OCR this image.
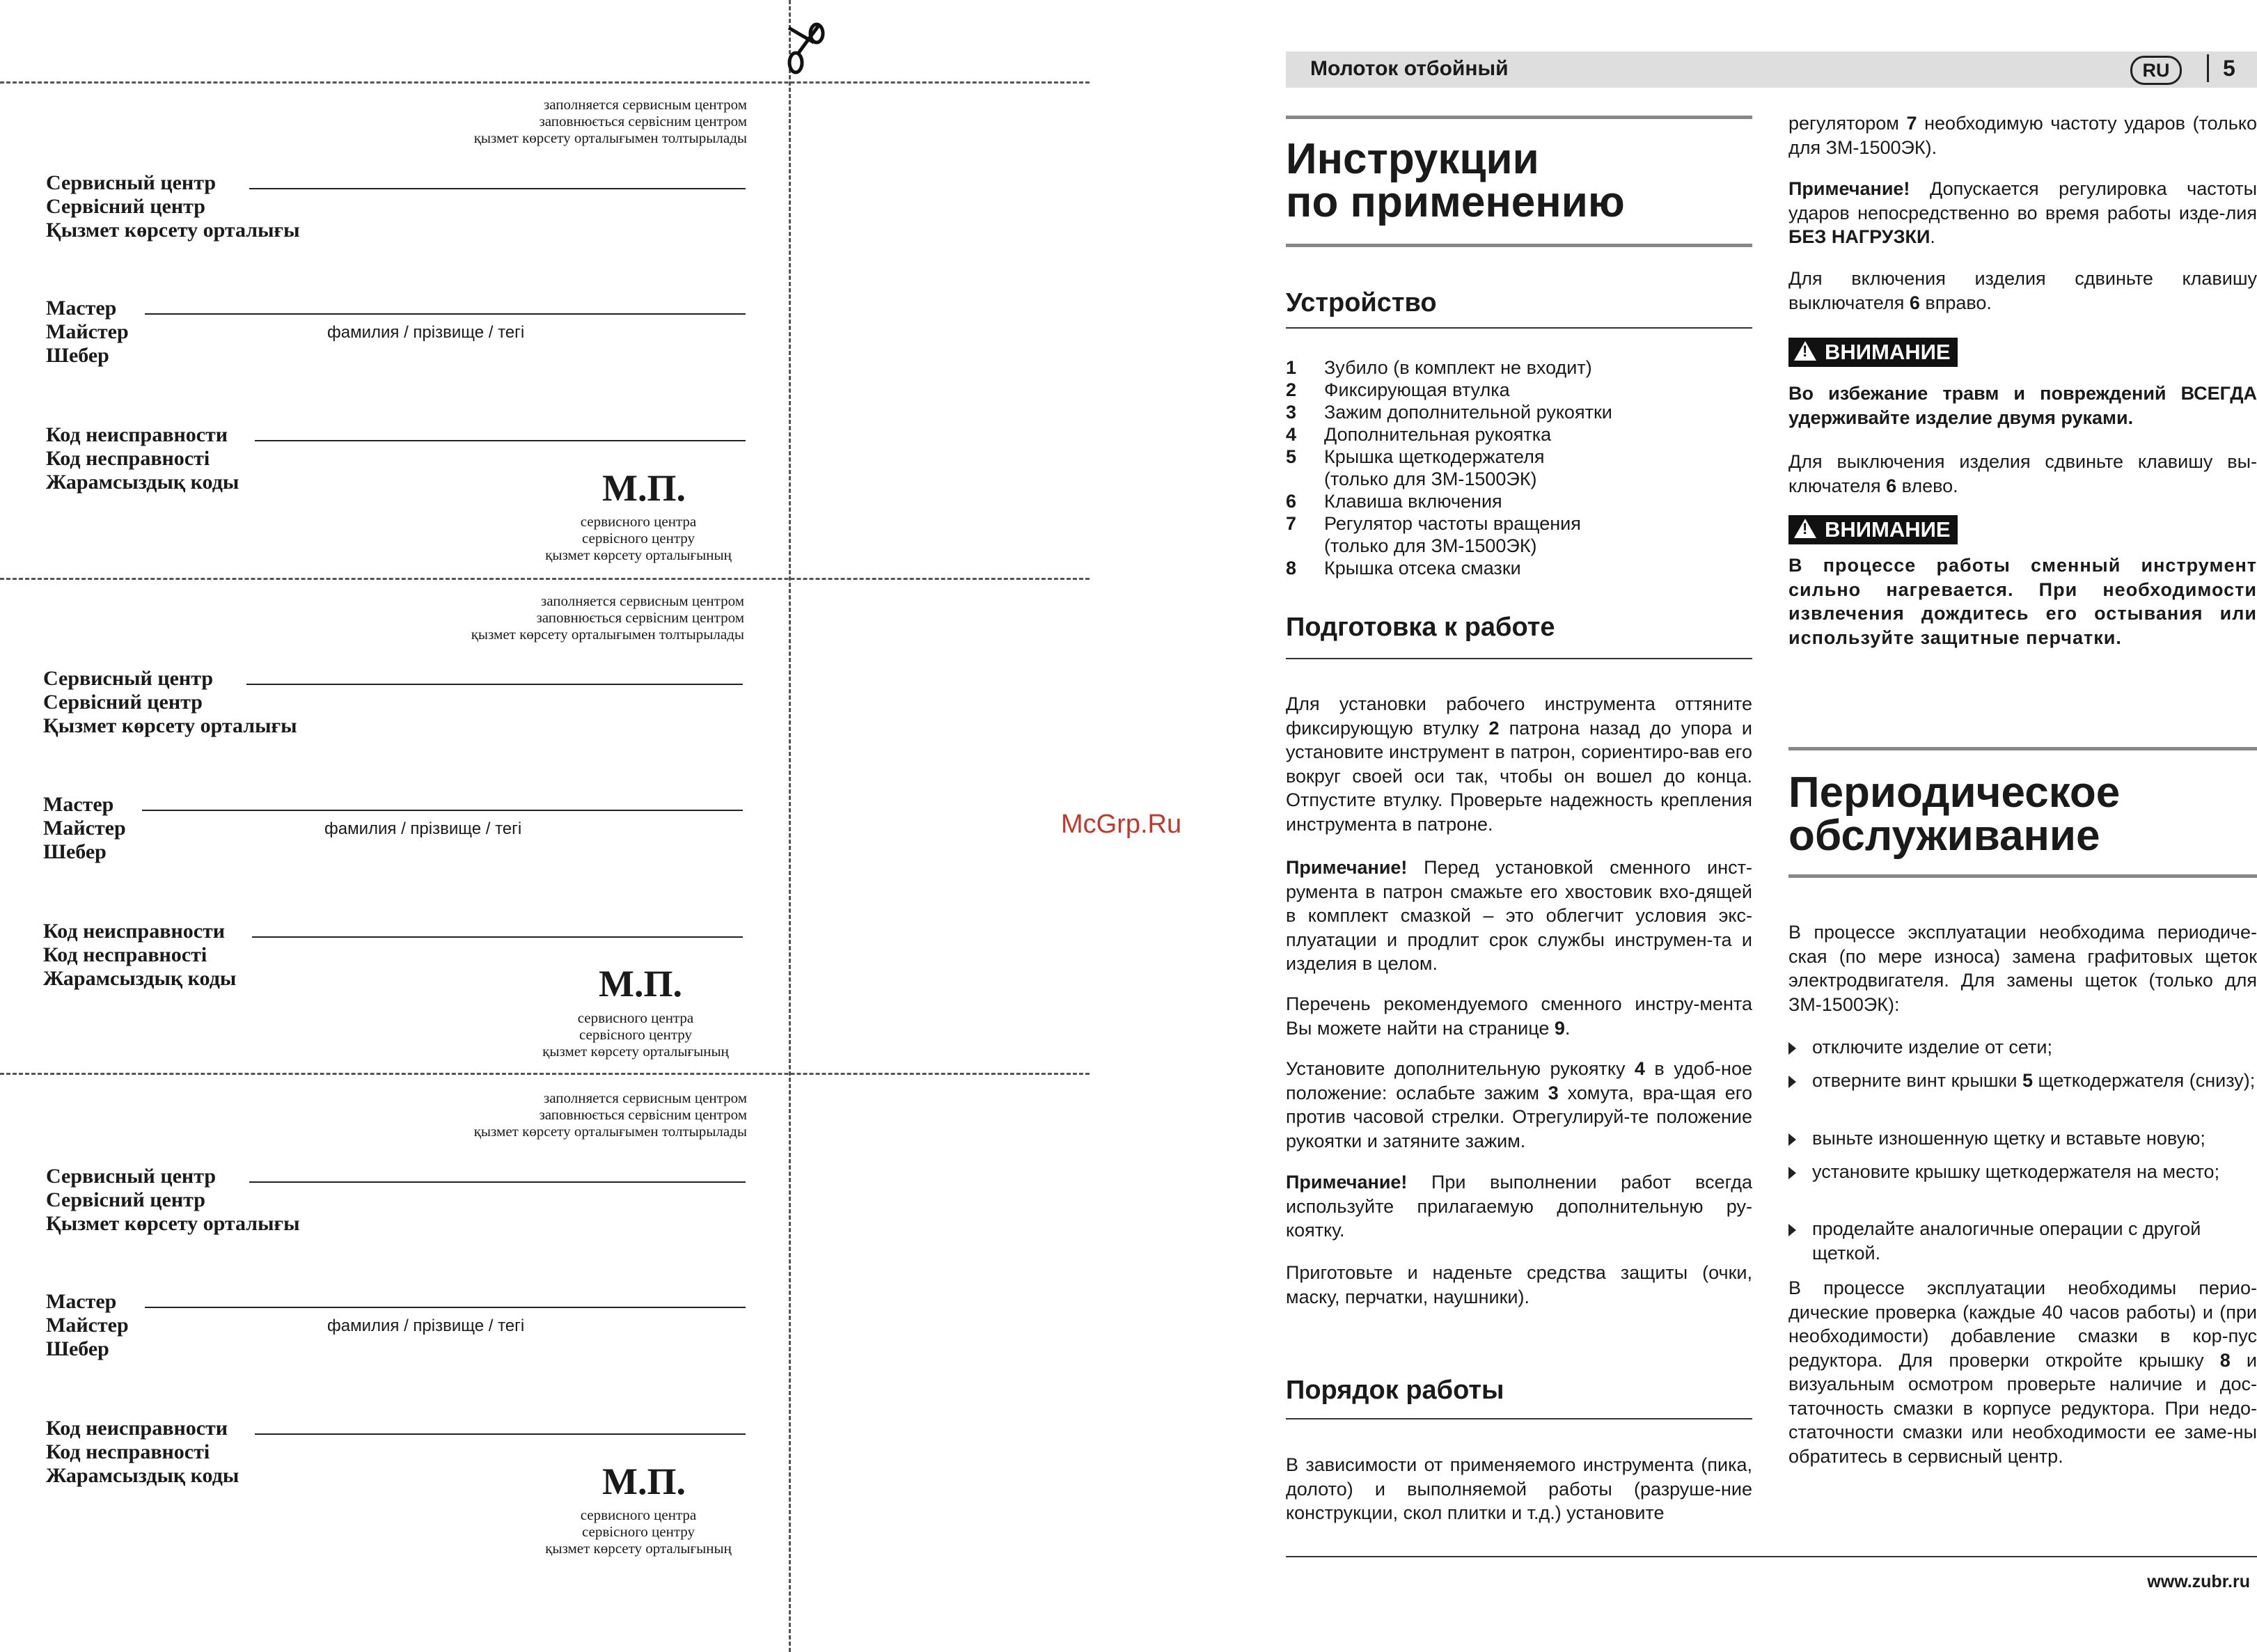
заполняется сервисным центром
заповнюється сервісним центром
қызмет көрсету орталығымен толтырылады
Сервисный центр
Сервісний центр
Қызмет көрсету орталығы
Мастер
Майстер
Шебер
фамилия / прізвище / тегі
Код неисправности
Код несправності
Жарамсыздық коды	М.П.
сервисного центра
сервісного центру
қызмет көрсету орталығының
заполняется сервисным центром
заповнюється сервісним центром
қызмет көрсету орталығымен толтырылады
Сервисный центр
Сервісний центр
Қызмет көрсету орталығы
Мастер
Майстер
Шебер
фамилия / прізвище / тегі
Код неисправности
Код несправності
Жарамсыздық коды	М.П.
сервисного центра
сервісного центру
қызмет көрсету орталығының
заполняется сервисным центром
заповнюється сервісним центром
қызмет көрсету орталығымен толтырылады
Сервисный центр
Сервісний центр
Қызмет көрсету орталығы
Мастер
Майстер
Шебер
фамилия / прізвище / тегі
Код неисправности
Код несправності
Жарамсыздық коды	М.П.
сервисного центра
сервісного центру
қызмет көрсету орталығының
McGrp.Ru
Молоток отбойный	RU	5
Инструкции
по применению
Устройство
1 Зубило (в комплект не входит)
2 Фиксирующая втулка
3 Зажим дополнительной рукоятки
4 Дополнительная рукоятка
5 Крышка щеткодержателя
(только для ЗМ-1500ЭК)
6 Клавиша включения
7 Регулятор частоты вращения
(только для ЗМ-1500ЭК)
8 Крышка отсека смазки
Подготовка к работе
Для установки рабочего инструмента оттяните фиксирующую втулку 2 патрона назад до упора и установите инструмент в патрон, сориентиро-вав его вокруг своей оси так, чтобы он вошел до конца. Отпустите втулку. Проверьте надежность крепления инструмента в патроне.
Примечание! Перед установкой сменного инст-румента в патрон смажьте его хвостовик вхо-дящей в комплект смазкой – это облегчит условия экс-плуатации и продлит срок службы инструмен-та и изделия в целом.
Перечень рекомендуемого сменного инстру-мента Вы можете найти на странице 9.
Установите дополнительную рукоятку 4 в удоб-ное положение: ослабьте зажим 3 хомута, вра-щая его против часовой стрелки. Отрегулируй-те положение рукоятки и затяните зажим.
Примечание! При выполнении работ всегда используйте прилагаемую дополнительную ру-коятку.
Приготовьте и наденьте средства защиты (очки, маску, перчатки, наушники).
Порядок работы
В зависимости от применяемого инструмента (пика, долото) и выполняемой работы (разруше-ние конструкции, скол плитки и т.д.) установите
регулятором 7 необходимую частоту ударов (только для ЗМ-1500ЭК).
Примечание! Допускается регулировка частоты ударов непосредственно во время работы изде-лия БЕЗ НАГРУЗКИ.
Для включения изделия сдвиньте клавишу выключателя 6 вправо.
! ВНИМАНИЕ
Во избежание травм и повреждений ВСЕГДА удерживайте изделие двумя руками.
Для выключения изделия сдвиньте клавишу вы-ключателя 6 влево.
! ВНИМАНИЕ
В процессе работы сменный инструмент сильно нагревается. При необходимости извлечения дождитесь его остывания или используйте защитные перчатки.
Периодическое
обслуживание
В процессе эксплуатации необходима периодиче-ская (по мере износа) замена графитовых щеток электродвигателя. Для замены щеток (только для ЗМ-1500ЭК):
отключите изделие от сети;
отверните винт крышки 5 щеткодержателя (снизу);
выньте изношенную щетку и вставьте новую;
установите крышку щеткодержателя на место;
проделайте аналогичные операции с другой щеткой.
В процессе эксплуатации необходимы перио-дические проверка (каждые 40 часов работы) и (при необходимости) добавление смазки в кор-пус редуктора. Для проверки откройте крышку 8 и визуальным осмотром проверьте наличие и дос-таточность смазки в корпусе редуктора. При недо-статочности смазки или необходимости ее заме-ны обратитесь в сервисный центр.
www.zubr.ru
